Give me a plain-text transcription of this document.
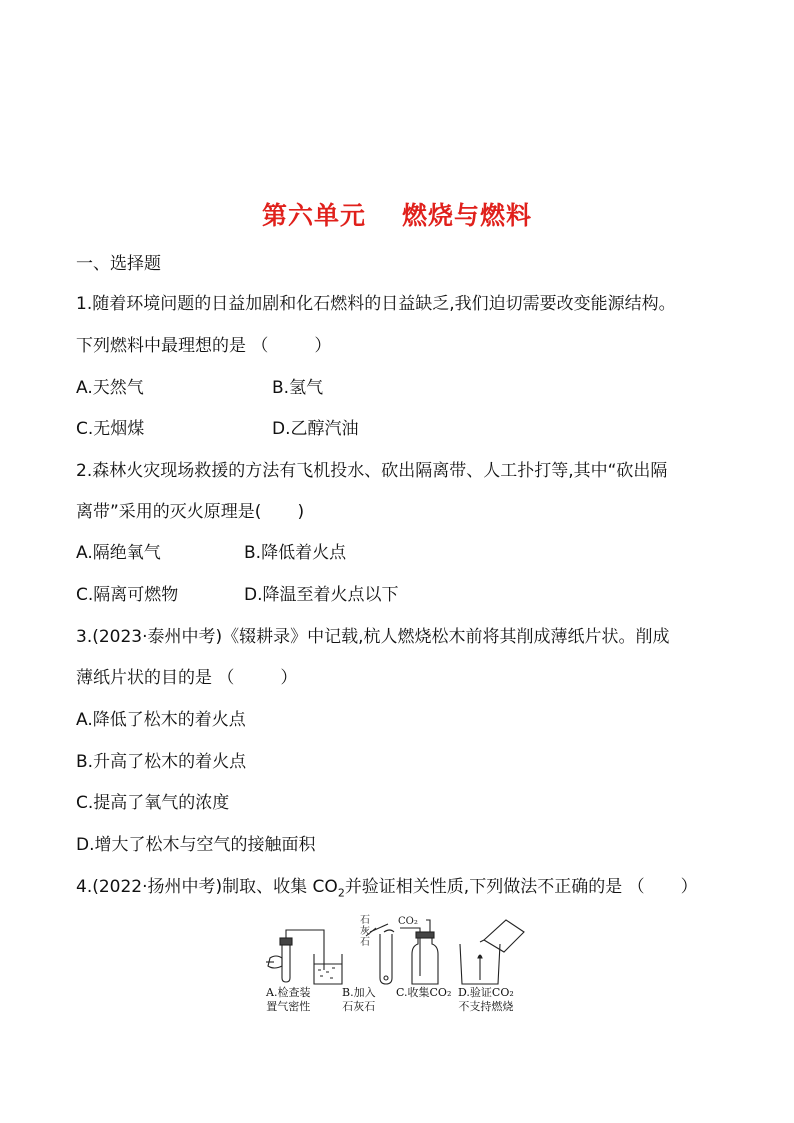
第六单元 燃烧与燃料
一、选择题
1.随着环境问题的日益加剧和化石燃料的日益缺乏,我们迫切需要改变能源结构。
下列燃料中最理想的是 （	）
A.天然气	B.氢气
C.无烟煤	D.乙醇汽油
2.森林火灾现场救援的方法有飞机投水、砍出隔离带、人工扑打等,其中“砍出隔
离带”采用的灭火原理是( )
A.隔绝氧气	B.降低着火点
C.隔离可燃物	D.降温至着火点以下
3.(2023·泰州中考)《辍耕录》中记载,杭人燃烧松木前将其削成薄纸片状。削成
薄纸片状的目的是 （	）
A.降低了松木的着火点
B.升高了松木的着火点
C.提高了氧气的浓度
D.增大了松木与空气的接触面积
4.(2022·扬州中考)制取、收集 $CO_2$并验证相关性质,下列做法不正确的是 （ ）
石
灰
石
CO₂
A.检查装
置气密性
B.加入
石灰石
C.收集CO₂ D.验证CO₂
不支持燃烧
